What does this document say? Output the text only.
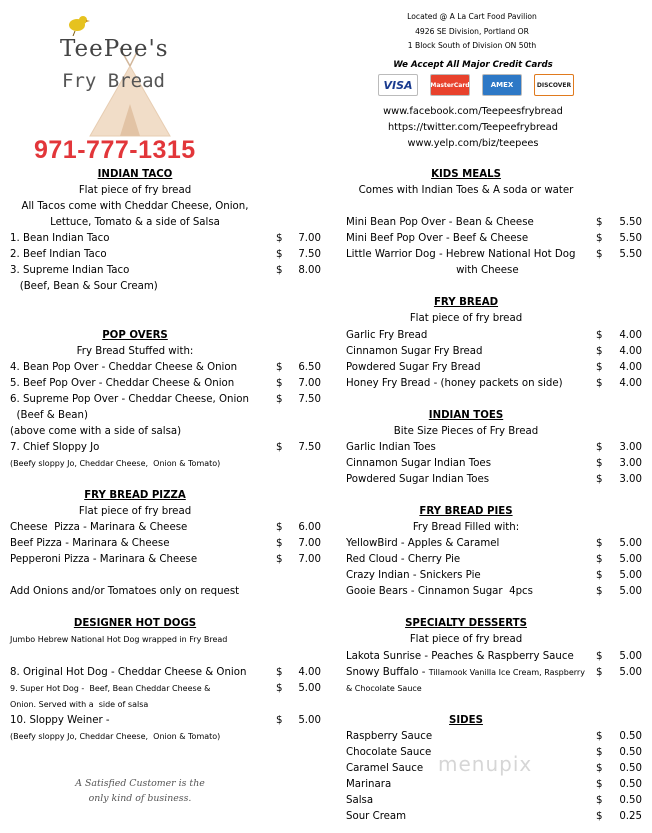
TeePee's
Fry Bread
971-777-1315
Located @ A La Cart Food Pavilion
4926 SE Division, Portland OR
1 Block South of Division ON 50th
We Accept All Major Credit Cards
VISA	MasterCard	AMEX	DISCOVER
www.facebook.com/Teepeesfrybread
https://twitter.com/Teepeefrybread
www.yelp.com/biz/teepees
INDIAN TACO
Flat piece of fry bread
All Tacos come with Cheddar Cheese, Onion,
Lettuce, Tomato & a side of Salsa
1. Bean Indian Taco	$	7.00
2. Beef Indian Taco	$	7.50
3. Supreme Indian Taco	$	8.00
(Beef, Bean & Sour Cream)
POP OVERS
Fry Bread Stuffed with:
4. Bean Pop Over - Cheddar Cheese & Onion	$	6.50
5. Beef Pop Over - Cheddar Cheese & Onion	$	7.00
6. Supreme Pop Over - Cheddar Cheese, Onion	$	7.50
(Beef & Bean)
(above come with a side of salsa)
7. Chief Sloppy Jo	$	7.50
(Beefy sloppy Jo, Cheddar Cheese,  Onion & Tomato)
FRY BREAD PIZZA
Flat piece of fry bread
Cheese  Pizza - Marinara & Cheese	$	6.00
Beef Pizza - Marinara & Cheese	$	7.00
Pepperoni Pizza - Marinara & Cheese	$	7.00
Add Onions and/or Tomatoes only on request
DESIGNER HOT DOGS
Jumbo Hebrew National Hot Dog wrapped in Fry Bread
8. Original Hot Dog - Cheddar Cheese & Onion	$	4.00
9. Super Hot Dog -  Beef, Bean Cheddar Cheese &	$	5.00
Onion. Served with a  side of salsa
10. Sloppy Weiner -	$	5.00
(Beefy sloppy Jo, Cheddar Cheese,  Onion & Tomato)
KIDS MEALS
Comes with Indian Toes & A soda or water
Mini Bean Pop Over - Bean & Cheese	$	5.50
Mini Beef Pop Over - Beef & Cheese	$	5.50
Little Warrior Dog - Hebrew National Hot Dog $	5.50
with Cheese
FRY BREAD
Flat piece of fry bread
Garlic Fry Bread	$	4.00
Cinnamon Sugar Fry Bread	$	4.00
Powdered Sugar Fry Bread	$	4.00
Honey Fry Bread - (honey packets on side)	$	4.00
INDIAN TOES
Bite Size Pieces of Fry Bread
Garlic Indian Toes	$	3.00
Cinnamon Sugar Indian Toes	$	3.00
Powdered Sugar Indian Toes	$	3.00
FRY BREAD PIES
Fry Bread Filled with:
YellowBird - Apples & Caramel	$	5.00
Red Cloud - Cherry Pie	$	5.00
Crazy Indian - Snickers Pie	$	5.00
Gooie Bears - Cinnamon Sugar  4pcs	$	5.00
SPECIALTY DESSERTS
Flat piece of fry bread
Lakota Sunrise - Peaches & Raspberry Sauce $	5.00
Snowy Buffalo - Tillamook Vanilla Ice Cream, Raspberry $	5.00
& Chocolate Sauce
SIDES
Raspberry Sauce	$	0.50
Chocolate Sauce	$	0.50
Caramel Sauce	$	0.50
Marinara	$	0.50
Salsa	$	0.50
Sour Cream	$	0.25
A Satisfied Customer is the
only kind of business.
menupix
